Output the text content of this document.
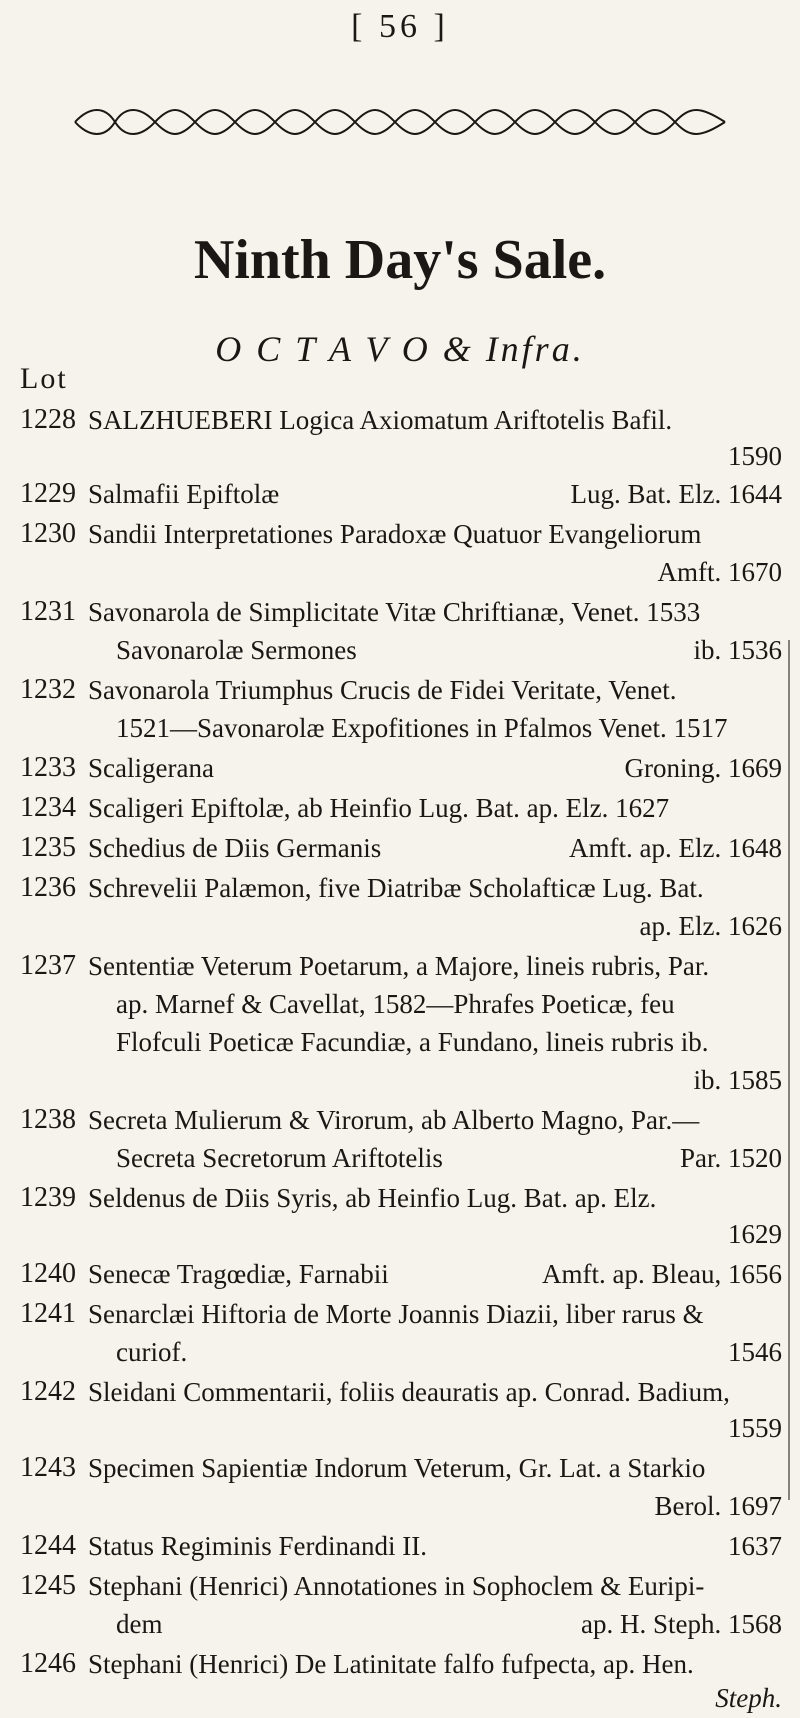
[ 56 ]
Ninth Day's Sale.
O C T A V O & Infra.
Lot
1228 SALZHUEBERI Logica Axiomatum Ariftotelis Bafil.
1590
1229 Salmafii Epiftolæ	Lug. Bat. Elz. 1644
1230 Sandii Interpretationes Paradoxæ Quatuor Evangeliorum
Amft. 1670
1231 Savonarola de Simplicitate Vitæ Chriftianæ, Venet. 1533
Savonarolæ Sermones	ib. 1536
1232 Savonarola Triumphus Crucis de Fidei Veritate, Venet.
1521—Savonarolæ Expofitiones in Pfalmos Venet. 1517
1233 Scaligerana	Groning. 1669
1234 Scaligeri Epiftolæ, ab Heinfio Lug. Bat. ap. Elz. 1627
1235 Schedius de Diis Germanis	Amft. ap. Elz. 1648
1236 Schrevelii Palæmon, five Diatribæ Scholafticæ Lug. Bat.
ap. Elz. 1626
1237 Sententiæ Veterum Poetarum, a Majore, lineis rubris, Par.
ap. Marnef & Cavellat, 1582—Phrafes Poeticæ, feu
Flofculi Poeticæ Facundiæ, a Fundano, lineis rubris ib.
ib. 1585
1238 Secreta Mulierum & Virorum, ab Alberto Magno, Par.—
Secreta Secretorum Ariftotelis	Par. 1520
1239 Seldenus de Diis Syris, ab Heinfio Lug. Bat. ap. Elz.
1629
1240 Senecæ Tragœdiæ, Farnabii	Amft. ap. Bleau, 1656
1241 Senarclæi Hiftoria de Morte Joannis Diazii, liber rarus &
curiof.	1546
1242 Sleidani Commentarii, foliis deauratis ap. Conrad. Badium,
1559
1243 Specimen Sapientiæ Indorum Veterum, Gr. Lat. a Starkio
Berol. 1697
1244 Status Regiminis Ferdinandi II.	1637
1245 Stephani (Henrici) Annotationes in Sophoclem & Euripi-
dem	ap. H. Steph. 1568
1246 Stephani (Henrici) De Latinitate falfo fufpecta, ap. Hen.
Steph.
